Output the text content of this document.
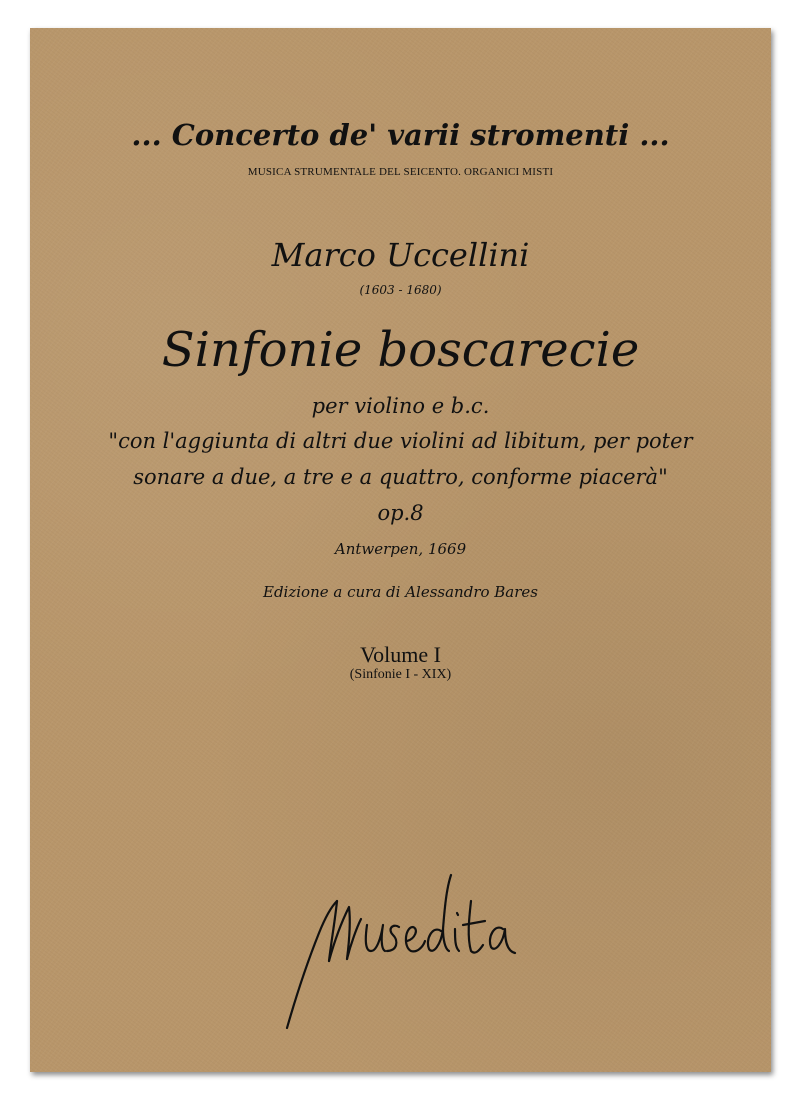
... Concerto de' varii stromenti ...
MUSICA STRUMENTALE DEL SEICENTO. ORGANICI MISTI
Marco Uccellini
(1603 - 1680)
Sinfonie boscarecie
per violino e b.c.
"con l'aggiunta di altri due violini ad libitum, per poter
sonare a due, a tre e a quattro, conforme piacerà"
op.8
Antwerpen, 1669
Edizione a cura di Alessandro Bares
Volume I
(Sinfonie I - XIX)
